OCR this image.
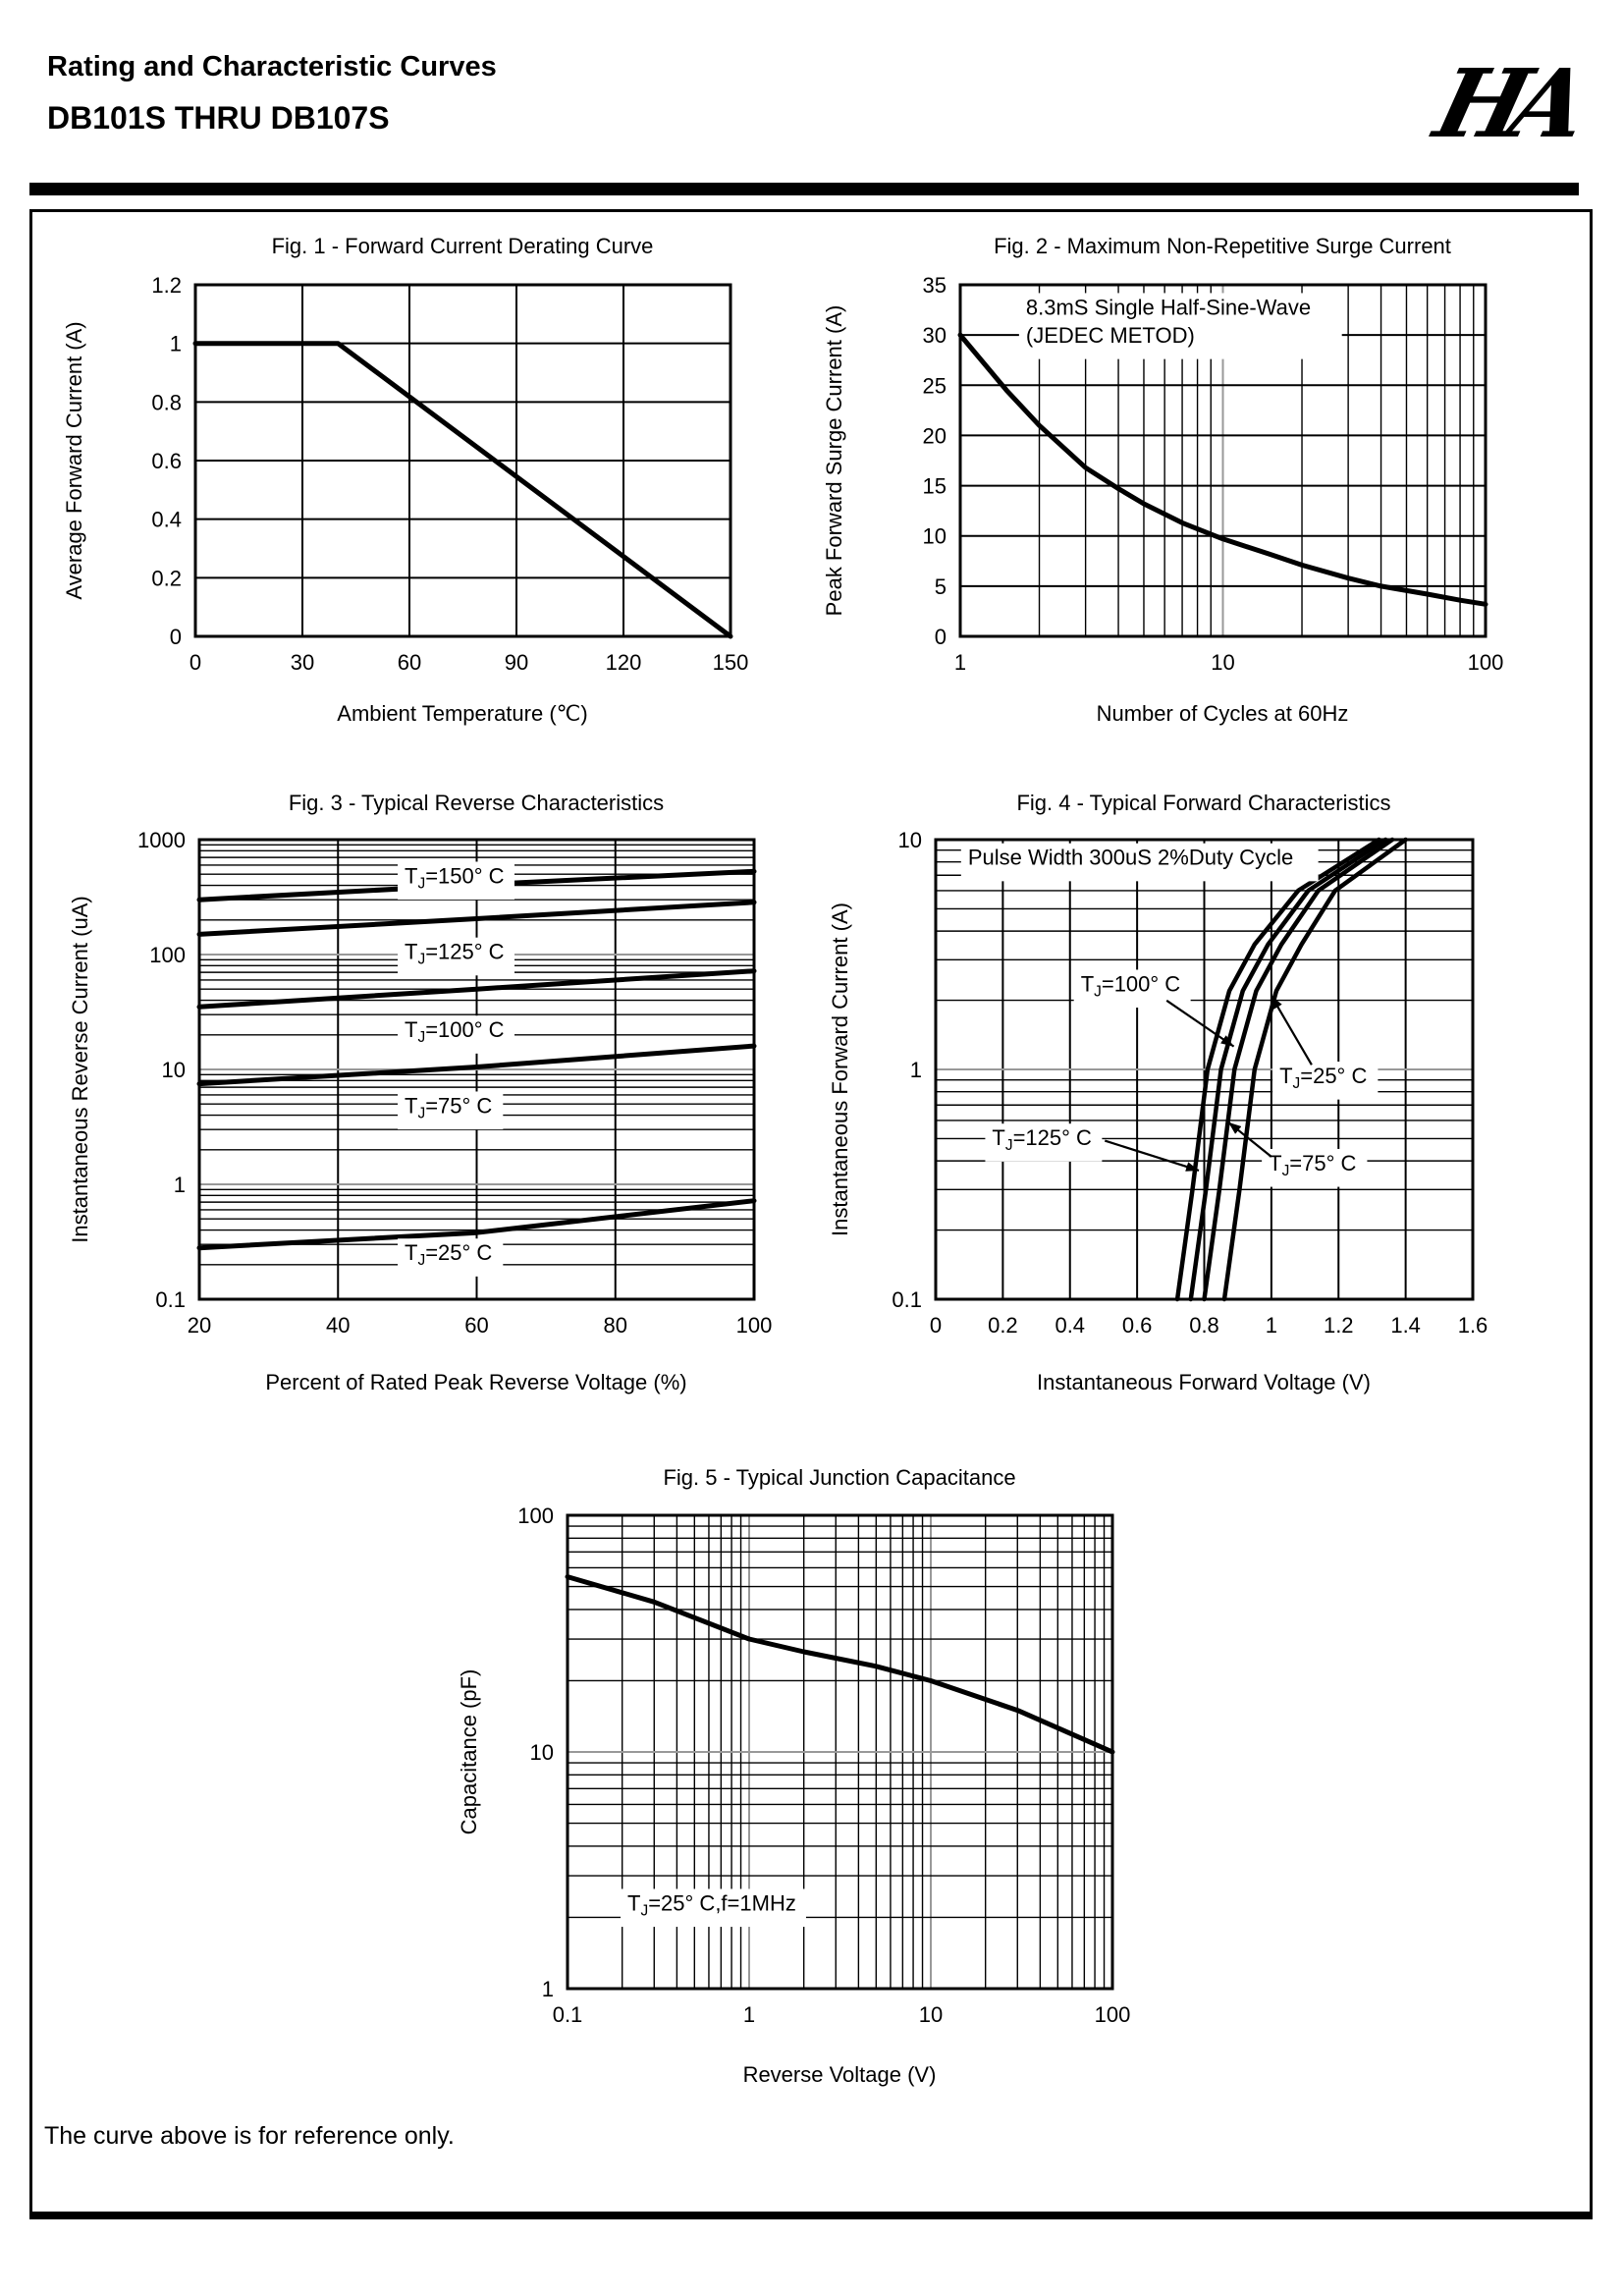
Rating and Characteristic Curves
DB101S THRU DB107S	HA
Fig. 1 - Forward Current Derating Curve
Ambient Temperature (℃)
Average Forward Current (A)
0	30	60	90	120	150
0
0.2
0.4
0.6
0.8
1
1.2
Fig. 2 - Maximum Non-Repetitive Surge Current
Number of Cycles at 60Hz
Peak Forward Surge Current (A)
1	10	100
0
5
10
15
20
25
30
35
8.3mS Single Half-Sine-Wave (JEDEC METOD)
Fig. 3 - Typical Reverse Characteristics
Percent of Rated Peak Reverse Voltage (%)
Instantaneous Reverse Current (uA)
20	40	60	80	100
0.1
1
10
100
1000
$T_J=150^\circ$ C
$T_J=125^\circ$ C
$T_J=100^\circ$ C
$T_J=75^\circ$ C
$T_J=25^\circ$ C
Fig. 4 - Typical Forward Characteristics
Instantaneous Forward Voltage (V)
Instantaneous Forward Current (A)
0 0.2 0.4 0.6 0.8 1 1.2 1.4 1.6
0.1
1
10
Pulse Width 300uS 2%Duty Cycle
$T_J=100^\circ$ C
$T_J=25^\circ$ C
$T_J=125^\circ$ C
$T_J=75^\circ$ C
Fig. 5 - Typical Junction Capacitance
Reverse Voltage (V)
Capacitance (pF)
0.1	1	10	100
1
10
100
$T_J=25^\circ$ C,f=1MHz
The curve above is for reference only.
